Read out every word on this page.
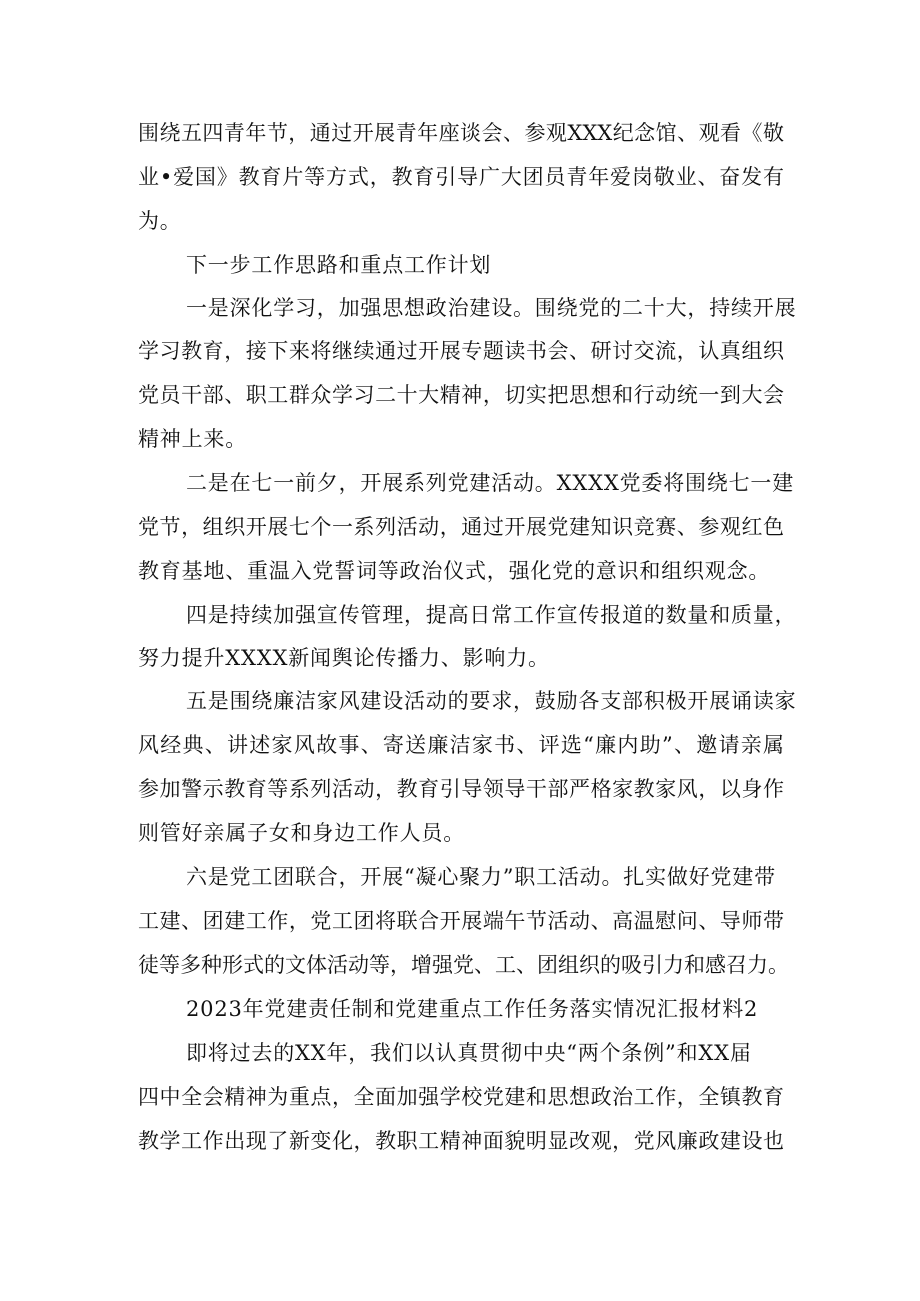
围绕五四青年节，通过开展青年座谈会、参观XXX纪念馆、观看《敬
业•爱国》教育片等方式，教育引导广大团员青年爱岗敬业、奋发有
为。
下一步工作思路和重点工作计划
一是深化学习，加强思想政治建设。围绕党的二十大，持续开展
学习教育，接下来将继续通过开展专题读书会、研讨交流，认真组织
党员干部、职工群众学习二十大精神，切实把思想和行动统一到大会
精神上来。
二是在七一前夕，开展系列党建活动。XXXX党委将围绕七一建
党节，组织开展七个一系列活动，通过开展党建知识竞赛、参观红色
教育基地、重温入党誓词等政治仪式，强化党的意识和组织观念。
四是持续加强宣传管理，提高日常工作宣传报道的数量和质量，
努力提升XXXX新闻舆论传播力、影响力。
五是围绕廉洁家风建设活动的要求，鼓励各支部积极开展诵读家
风经典、讲述家风故事、寄送廉洁家书、评选“廉内助”、邀请亲属
参加警示教育等系列活动，教育引导领导干部严格家教家风，以身作
则管好亲属子女和身边工作人员。
六是党工团联合，开展“凝心聚力”职工活动。扎实做好党建带
工建、团建工作，党工团将联合开展端午节活动、高温慰问、导师带
徒等多种形式的文体活动等，增强党、工、团组织的吸引力和感召力。
2023年党建责任制和党建重点工作任务落实情况汇报材料2
即将过去的XX年，我们以认真贯彻中央“两个条例”和XX届
四中全会精神为重点，全面加强学校党建和思想政治工作，全镇教育
教学工作出现了新变化，教职工精神面貌明显改观，党风廉政建设也
